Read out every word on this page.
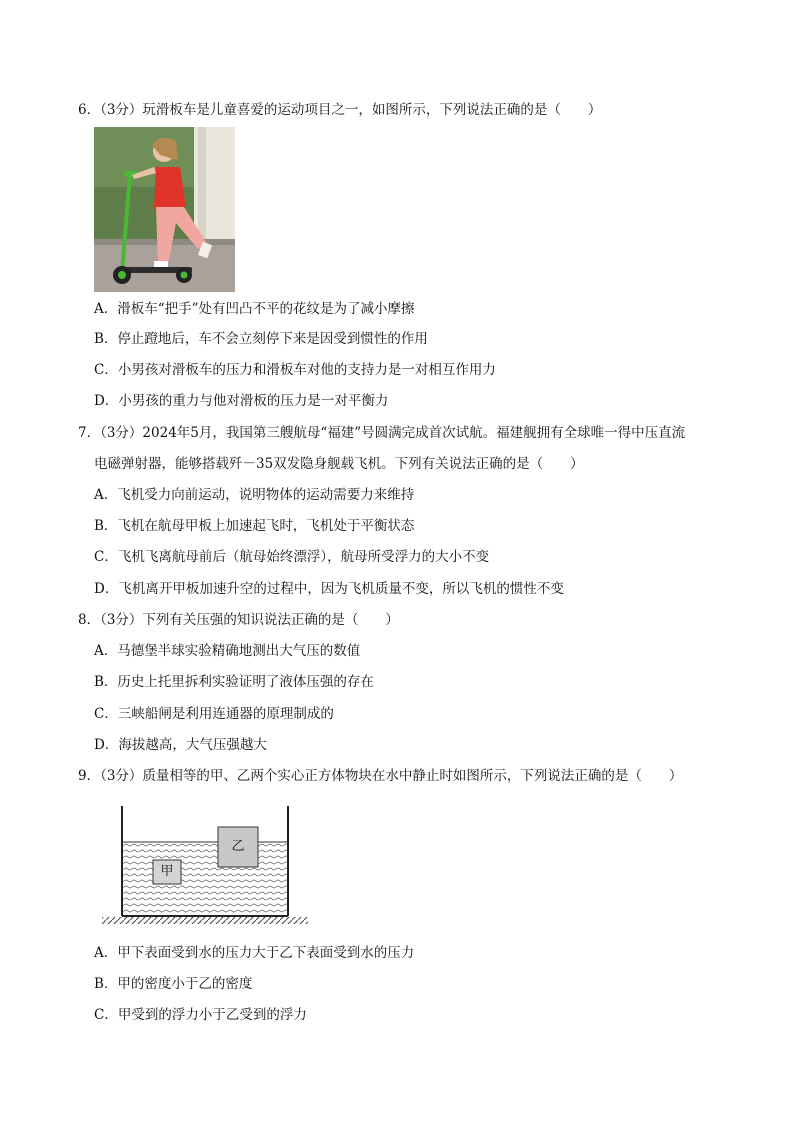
6．（3分）玩滑板车是儿童喜爱的运动项目之一，如图所示，下列说法正确的是（　　）
A．滑板车“把手”处有凹凸不平的花纹是为了减小摩擦
B．停止蹬地后，车不会立刻停下来是因受到惯性的作用
C．小男孩对滑板车的压力和滑板车对他的支持力是一对相互作用力
D．小男孩的重力与他对滑板的压力是一对平衡力
7．（3分）2024年5月，我国第三艘航母“福建”号圆满完成首次试航。福建舰拥有全球唯一得中压直流
电磁弹射器，能够搭载歼－35双发隐身舰载飞机。下列有关说法正确的是（　　）
A．飞机受力向前运动，说明物体的运动需要力来维持
B．飞机在航母甲板上加速起飞时，飞机处于平衡状态
C．飞机飞离航母前后（航母始终漂浮），航母所受浮力的大小不变
D．飞机离开甲板加速升空的过程中，因为飞机质量不变，所以飞机的惯性不变
8．（3分）下列有关压强的知识说法正确的是（　　）
A．马德堡半球实验精确地测出大气压的数值
B．历史上托里拆利实验证明了液体压强的存在
C．三峡船闸是利用连通器的原理制成的
D．海拔越高，大气压强越大
9．（3分）质量相等的甲、乙两个实心正方体物块在水中静止时如图所示，下列说法正确的是（　　）
甲
乙
A．甲下表面受到水的压力大于乙下表面受到水的压力
B．甲的密度小于乙的密度
C．甲受到的浮力小于乙受到的浮力
